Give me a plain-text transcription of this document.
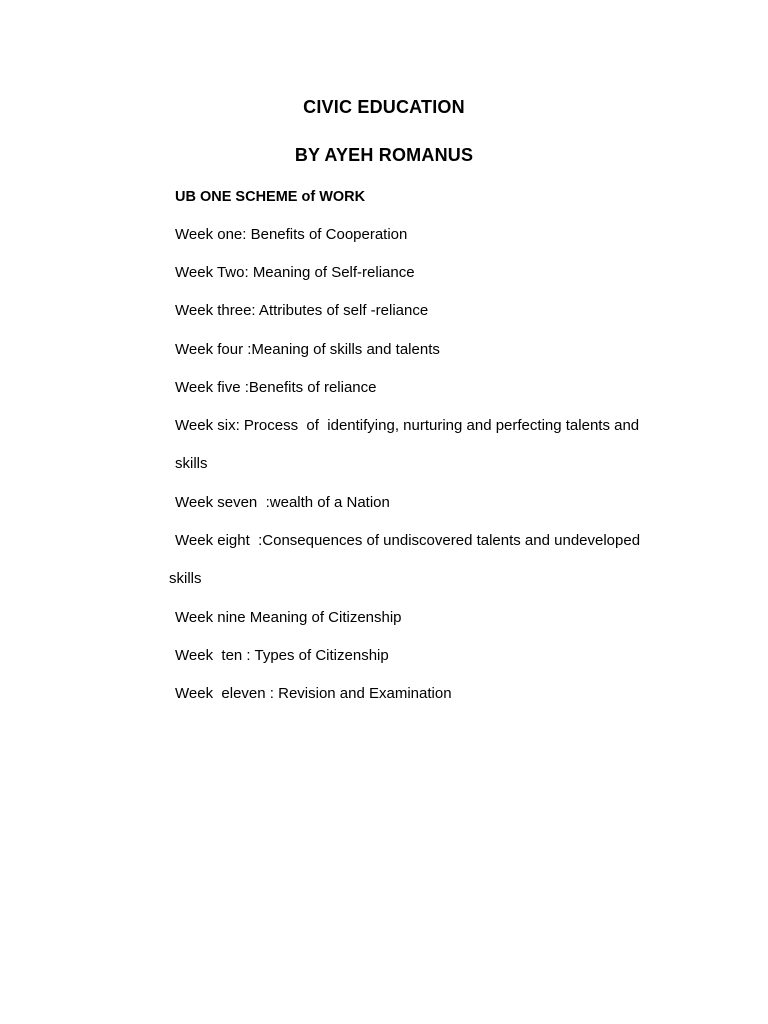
CIVIC EDUCATION
BY AYEH ROMANUS
UB ONE SCHEME of WORK
Week one: Benefits of Cooperation
Week Two: Meaning of Self-reliance
Week three: Attributes of self -reliance
Week four :Meaning of skills and talents
Week five :Benefits of reliance
Week six: Process  of  identifying, nurturing and perfecting talents and
skills
Week seven  :wealth of a Nation
Week eight  :Consequences of undiscovered talents and undeveloped
skills
Week nine Meaning of Citizenship
Week  ten : Types of Citizenship
Week  eleven : Revision and Examination
